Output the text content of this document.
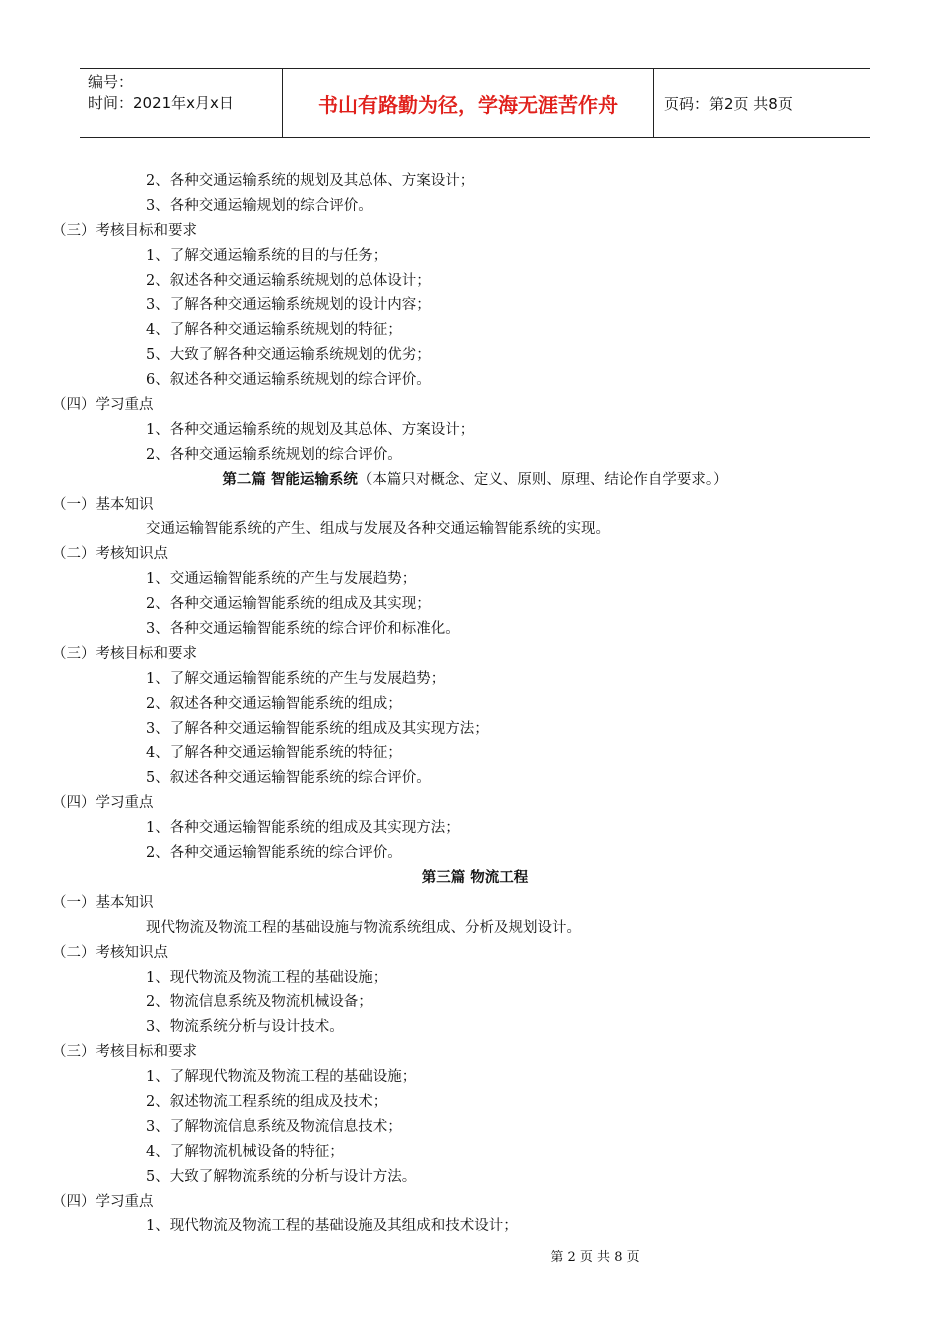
编号：
时间：2021年x月x日	书山有路勤为径，学海无涯苦作舟	页码：第2页 共8页
2、各种交通运输系统的规划及其总体、方案设计；
3、各种交通运输规划的综合评价。
（三）考核目标和要求
1、了解交通运输系统的目的与任务；
2、叙述各种交通运输系统规划的总体设计；
3、了解各种交通运输系统规划的设计内容；
4、了解各种交通运输系统规划的特征；
5、大致了解各种交通运输系统规划的优劣；
6、叙述各种交通运输系统规划的综合评价。
（四）学习重点
1、各种交通运输系统的规划及其总体、方案设计；
2、各种交通运输系统规划的综合评价。
第二篇 智能运输系统（本篇只对概念、定义、原则、原理、结论作自学要求。）
（一）基本知识
交通运输智能系统的产生、组成与发展及各种交通运输智能系统的实现。
（二）考核知识点
1、交通运输智能系统的产生与发展趋势；
2、各种交通运输智能系统的组成及其实现；
3、各种交通运输智能系统的综合评价和标准化。
（三）考核目标和要求
1、了解交通运输智能系统的产生与发展趋势；
2、叙述各种交通运输智能系统的组成；
3、了解各种交通运输智能系统的组成及其实现方法；
4、了解各种交通运输智能系统的特征；
5、叙述各种交通运输智能系统的综合评价。
（四）学习重点
1、各种交通运输智能系统的组成及其实现方法；
2、各种交通运输智能系统的综合评价。
第三篇 物流工程
（一）基本知识
现代物流及物流工程的基础设施与物流系统组成、分析及规划设计。
（二）考核知识点
1、现代物流及物流工程的基础设施；
2、物流信息系统及物流机械设备；
3、物流系统分析与设计技术。
（三）考核目标和要求
1、了解现代物流及物流工程的基础设施；
2、叙述物流工程系统的组成及技术；
3、了解物流信息系统及物流信息技术；
4、了解物流机械设备的特征；
5、大致了解物流系统的分析与设计方法。
（四）学习重点
1、现代物流及物流工程的基础设施及其组成和技术设计；
第 2 页 共 8 页
